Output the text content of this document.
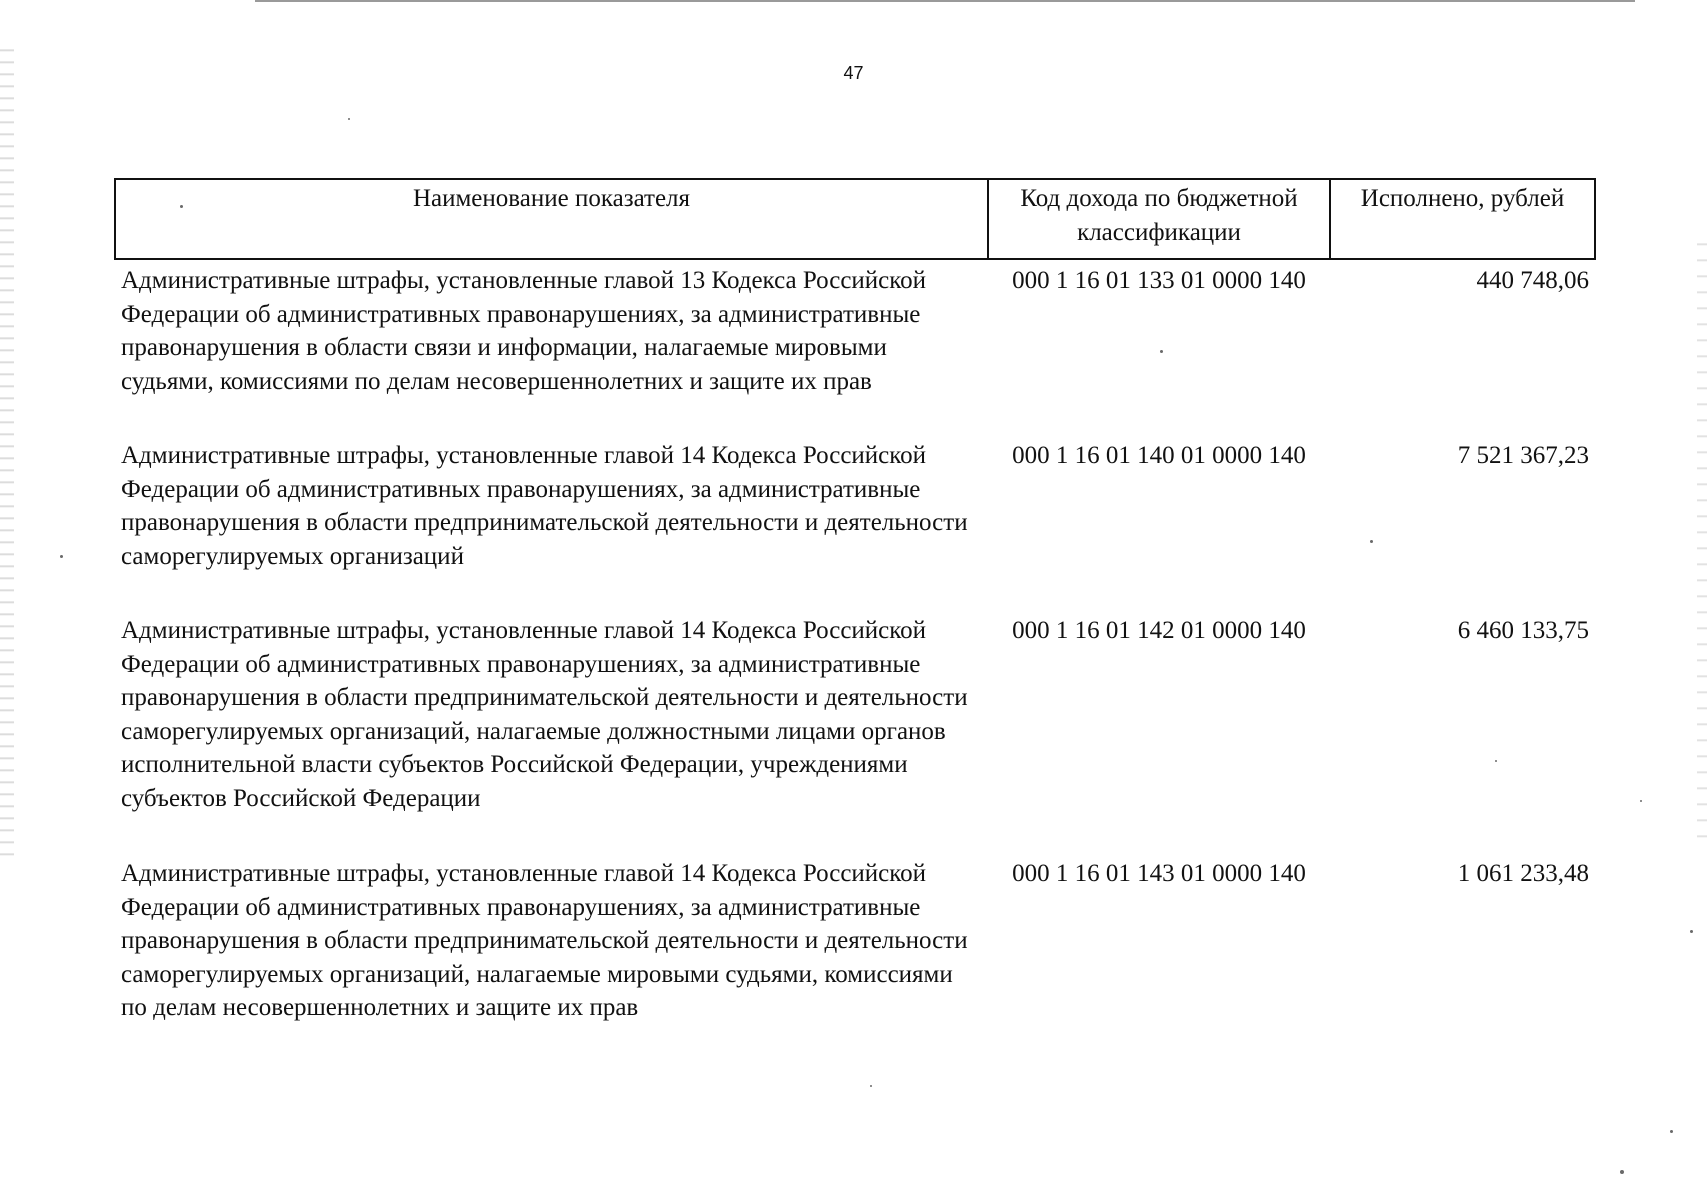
47
Наименование показателя	Код дохода по бюджетной классификации	Исполнено, рублей
Административные штрафы, установленные главой 13 Кодекса Российской Федерации об административных правонарушениях, за административные правонарушения в области связи и информации, налагаемые мировыми судьями, комиссиями по делам несовершеннолетних и защите их прав	000 1 16 01 133 01 0000 140	440 748,06
Административные штрафы, установленные главой 14 Кодекса Российской Федерации об административных правонарушениях, за административные правонарушения в области предпринимательской деятельности и деятельности саморегулируемых организаций	000 1 16 01 140 01 0000 140	7 521 367,23
Административные штрафы, установленные главой 14 Кодекса Российской Федерации об административных правонарушениях, за административные правонарушения в области предпринимательской деятельности и деятельности саморегулируемых организаций, налагаемые должностными лицами органов исполнительной власти субъектов Российской Федерации, учреждениями субъектов Российской Федерации	000 1 16 01 142 01 0000 140	6 460 133,75
Административные штрафы, установленные главой 14 Кодекса Российской Федерации об административных правонарушениях, за административные правонарушения в области предпринимательской деятельности и деятельности саморегулируемых организаций, налагаемые мировыми судьями, комиссиями по делам несовершеннолетних и защите их прав	000 1 16 01 143 01 0000 140	1 061 233,48
